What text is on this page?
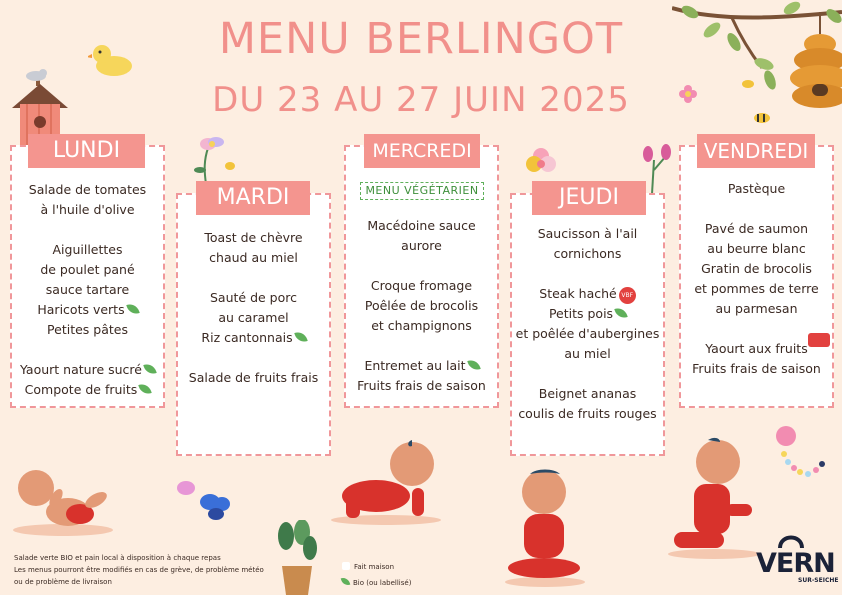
MENU BERLINGOT
DU 23 AU 27 JUIN 2025
Salade de tomates
à l'huile d'olive
Aiguillettes
de poulet pané
sauce tartare
Haricots verts
Petites pâtes
Yaourt nature sucré
Compote de fruits
LUNDI
Toast de chèvre
chaud au miel
Sauté de porc
au caramel
Riz cantonnais
Salade de fruits frais
MARDI
Macédoine sauce aurore
Croque fromage
Poêlée de brocolis
et champignons
Entremet au lait
Fruits frais de saison
MERCREDI
MENU VÉGÉTARIEN
Saucisson à l'ail
cornichons
Steak haché VBF
Petits pois
et poêlée d'aubergines
au miel
Beignet ananas
coulis de fruits rouges
JEUDI	Pastèque
Pavé de saumon
au beurre blanc
Gratin de brocolis
et pommes de terre
au parmesan
Yaourt aux fruits
Fruits frais de saison
VENDREDI
Salade verte BIO et pain local à disposition à chaque repas
Les menus pourront être modifiés en cas de grève, de problème météo
ou de problème de livraison
Fait maison
Bio (ou labellisé)
VERN
SUR-SEICHE
